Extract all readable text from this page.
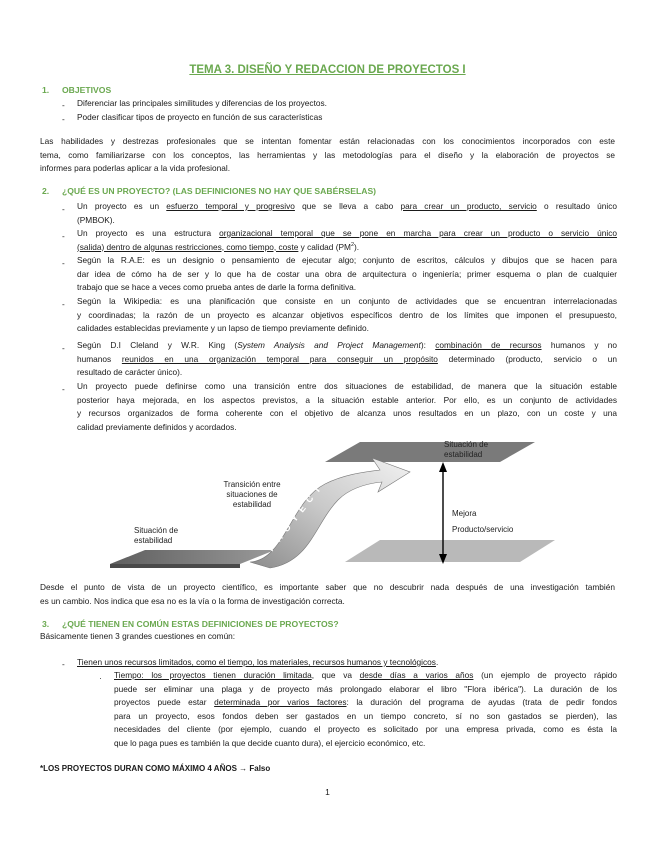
TEMA 3. DISEÑO Y REDACCION DE PROYECTOS I
1. OBJETIVOS
- Diferenciar las principales similitudes y diferencias de los proyectos.
- Poder clasificar tipos de proyecto en función de sus características
Las habilidades y destrezas profesionales que se intentan fomentar están relacionadas con los conocimientos incorporados con este
tema, como familiarizarse con los conceptos, las herramientas y las metodologías para el diseño y la elaboración de proyectos se
informes para poderlas aplicar a la vida profesional.
2. ¿QUÉ ES UN PROYECTO? (LAS DEFINICIONES NO HAY QUE SABÉRSELAS)
- Un proyecto es un esfuerzo temporal y progresivo que se lleva a cabo para crear un producto, servicio o resultado único
(PMBOK).
- Un proyecto es una estructura organizacional temporal que se pone en marcha para crear un producto o servicio único
(salida) dentro de algunas restricciones, como tiempo, coste y calidad $(PM^2)$.
- Según la R.A.E: es un designio o pensamiento de ejecutar algo; conjunto de escritos, cálculos y dibujos que se hacen para
dar idea de cómo ha de ser y lo que ha de costar una obra de arquitectura o ingeniería; primer esquema o plan de cualquier
trabajo que se hace a veces como prueba antes de darle la forma definitiva.
- Según la Wikipedia: es una planificación que consiste en un conjunto de actividades que se encuentran interrelacionadas
y coordinadas; la razón de un proyecto es alcanzar objetivos específicos dentro de los límites que imponen el presupuesto,
calidades establecidas previamente y un lapso de tiempo previamente definido.
- Según D.I Cleland y W.R. King (System Analysis and Project Management): combinación de recursos humanos y no
humanos reunidos en una organización temporal para conseguir un propósito determinado (producto, servicio o un
resultado de carácter único).
- Un proyecto puede definirse como una transición entre dos situaciones de estabilidad, de manera que la situación estable
posterior haya mejorada, en los aspectos previstos, a la situación estable anterior. Por ello, es un conjunto de actividades
y recursos organizados de forma coherente con el objetivo de alcanza unos resultados en un plazo, con un coste y una
calidad previamente definidos y acordados.
PROYECTO
Situación de
estabilidad
Transición entre
situaciones de
estabilidad
Situación de
estabilidad
Mejora
Producto/servicio
Desde el punto de vista de un proyecto científico, es importante saber que no descubrir nada después de una investigación también
es un cambio. Nos indica que esa no es la vía o la forma de investigación correcta.
3. ¿QUÉ TIENEN EN COMÚN ESTAS DEFINICIONES DE PROYECTOS?
Básicamente tienen 3 grandes cuestiones en común:
- Tienen unos recursos limitados, como el tiempo, los materiales, recursos humanos y tecnológicos.
· Tiempo: los proyectos tienen duración limitada, que va desde días a varios años (un ejemplo de proyecto rápido
puede ser eliminar una plaga y de proyecto más prolongado elaborar el libro "Flora ibérica"). La duración de los
proyectos puede estar determinada por varios factores: la duración del programa de ayudas (trata de pedir fondos
para un proyecto, esos fondos deben ser gastados en un tiempo concreto, sí no son gastados se pierden), las
necesidades del cliente (por ejemplo, cuando el proyecto es solicitado por una empresa privada, como es ésta la
que lo paga pues es también la que decide cuanto dura), el ejercicio económico, etc.
*LOS PROYECTOS DURAN COMO MÁXIMO 4 AÑOS → Falso
1
